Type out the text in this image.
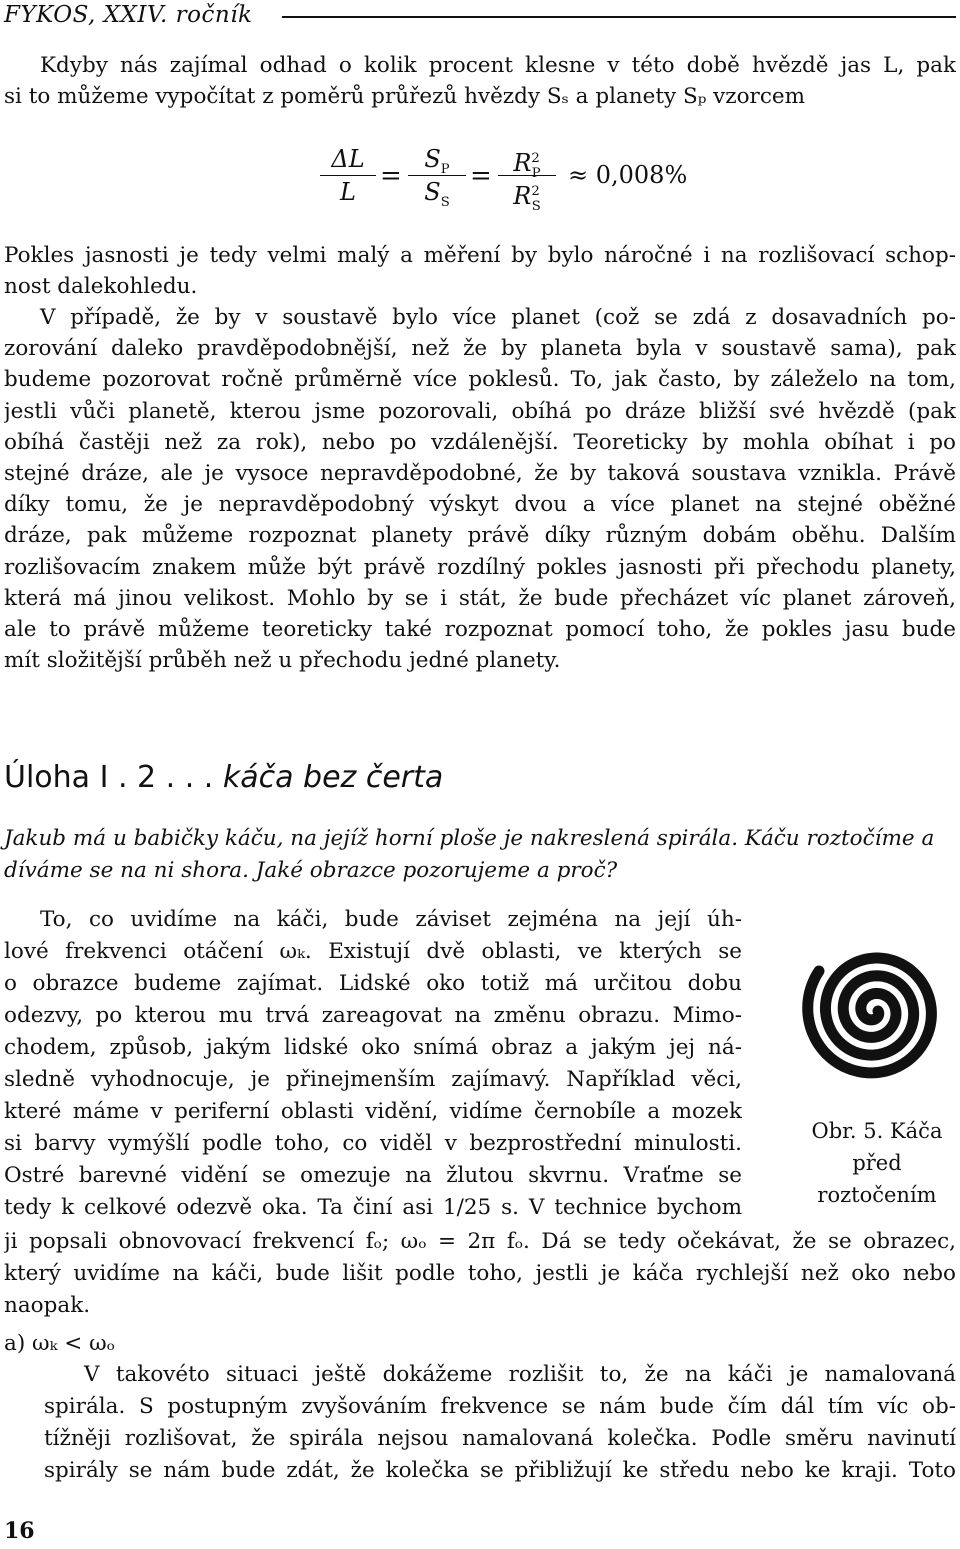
FYKOS, XXIV. ročník
Kdyby nás zajímal odhad o kolik procent klesne v této době hvězdě jas L, pak
si to můžeme vypočítat z poměrů průřezů hvězdy Sₛ a planety Sₚ vzorcem
ΔL
L
=
$S_P$
$S_S$
= $R^2_P$
$R^2_S$
≈ 0,008%
Pokles jasnosti je tedy velmi malý a měření by bylo náročné i na rozlišovací schop-
nost dalekohledu.
V případě, že by v soustavě bylo více planet (což se zdá z dosavadních po-
zorování daleko pravděpodobnější, než že by planeta byla v soustavě sama), pak
budeme pozorovat ročně průměrně více poklesů. To, jak často, by záleželo na tom,
jestli vůči planetě, kterou jsme pozorovali, obíhá po dráze bližší své hvězdě (pak
obíhá častěji než za rok), nebo po vzdálenější. Teoreticky by mohla obíhat i po
stejné dráze, ale je vysoce nepravděpodobné, že by taková soustava vznikla. Právě
díky tomu, že je nepravděpodobný výskyt dvou a více planet na stejné oběžné
dráze, pak můžeme rozpoznat planety právě díky různým dobám oběhu. Dalším
rozlišovacím znakem může být právě rozdílný pokles jasnosti při přechodu planety,
která má jinou velikost. Mohlo by se i stát, že bude přecházet víc planet zároveň,
ale to právě můžeme teoreticky také rozpoznat pomocí toho, že pokles jasu bude
mít složitější průběh než u přechodu jedné planety.
Úloha I . 2 . . . káča bez čerta
Jakub má u babičky káču, na jejíž horní ploše je nakreslená spirála. Káču roztočíme a díváme se na ni shora. Jaké obrazce pozorujeme a proč?
To, co uvidíme na káči, bude záviset zejména na její úh-
lové frekvenci otáčení ωₖ. Existují dvě oblasti, ve kterých se
o obrazce budeme zajímat. Lidské oko totiž má určitou dobu
odezvy, po kterou mu trvá zareagovat na změnu obrazu. Mimo-
chodem, způsob, jakým lidské oko snímá obraz a jakým jej ná-
sledně vyhodnocuje, je přinejmenším zajímavý. Například věci,
které máme v periferní oblasti vidění, vidíme černobíle a mozek
si barvy vymýšlí podle toho, co viděl v bezprostřední minulosti.
Ostré barevné vidění se omezuje na žlutou skvrnu. Vraťme se
tedy k celkové odezvě oka. Ta činí asi 1/25 s. V technice bychom
Obr. 5. Káča
před
roztočením
ji popsali obnovovací frekvencí fₒ; ωₒ = 2π fₒ. Dá se tedy očekávat, že se obrazec,
který uvidíme na káči, bude lišit podle toho, jestli je káča rychlejší než oko nebo
naopak.
a) ωₖ < ωₒ
V takovéto situaci ještě dokážeme rozlišit to, že na káči je namalovaná
spirála. S postupným zvyšováním frekvence se nám bude čím dál tím víc ob-
tížněji rozlišovat, že spirála nejsou namalovaná kolečka. Podle směru navinutí
spirály se nám bude zdát, že kolečka se přibližují ke středu nebo ke kraji. Toto
16
